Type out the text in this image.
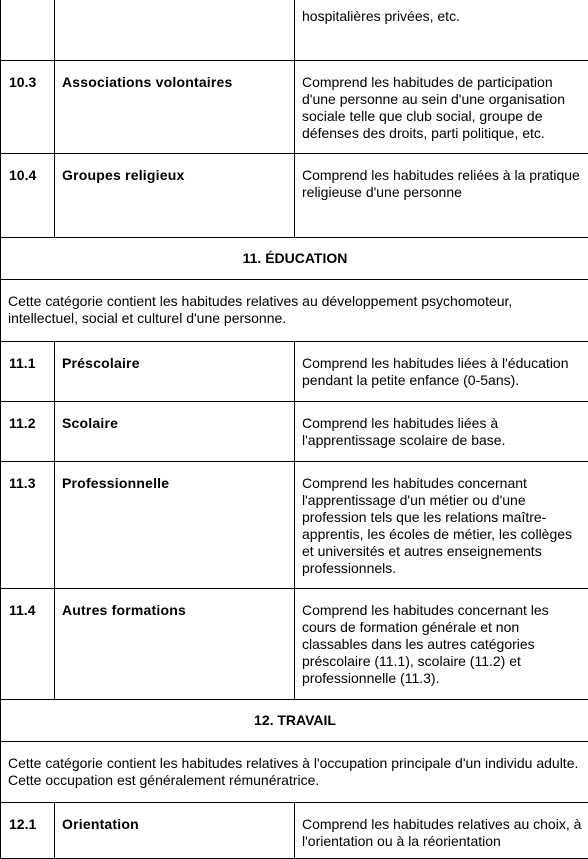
		hospitalières privées, etc.
10.3	Associations volontaires	Comprend les habitudes de participation d'une personne au sein d'une organisation sociale telle que club social, groupe de défenses des droits, parti politique, etc.
10.4	Groupes religieux	Comprend les habitudes reliées à la pratique religieuse d'une personne
11. ÉDUCATION		
Cette catégorie contient les habitudes relatives au développement psychomoteur, intellectuel, social et culturel d'une personne.		
11.1	Préscolaire	Comprend les habitudes liées à l'éducation pendant la petite enfance (0-5ans).
11.2	Scolaire	Comprend les habitudes liées à l'apprentissage scolaire de base.
11.3	Professionnelle	Comprend les habitudes concernant l'apprentissage d'un métier ou d'une profession tels que les relations maître-apprentis, les écoles de métier, les collèges et universités et autres enseignements professionnels.
11.4	Autres formations	Comprend les habitudes concernant les cours de formation générale et non classables dans les autres catégories préscolaire (11.1), scolaire (11.2) et professionnelle (11.3).
12. TRAVAIL		
Cette catégorie contient les habitudes relatives à l'occupation principale d'un individu adulte. Cette occupation est généralement rémunératrice.		
12.1	Orientation	Comprend les habitudes relatives au choix, à l'orientation ou à la réorientation
